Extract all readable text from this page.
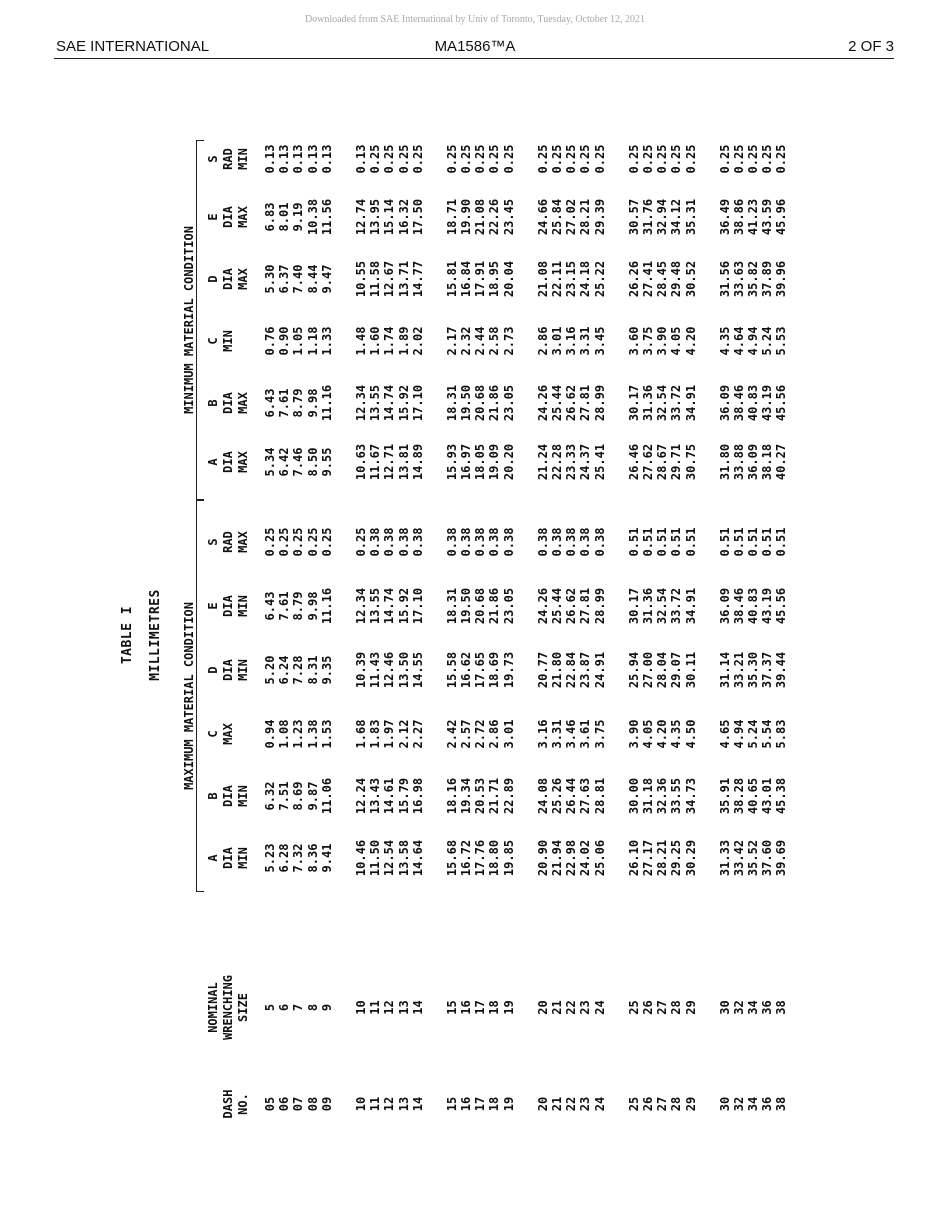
Downloaded from SAE International by Univ of Toronto, Tuesday, October 12, 2021
SAE INTERNATIONAL	MA1586™A	2 OF 3
TABLE I MILLIMETRES MAXIMUM MATERIAL CONDITION
MINIMUM MATERIAL CONDITION
DASH NO. 05 06 07 08 09 10 11 12 13 14 15 16 17 18 19 20 21 22 23 24 25 26 27 28 29 30 32 34 36 38
NOMINAL WRENCHING SIZE 5 6 7 8 9 10 11 12 13 14 15 16 17 18 19 20 21 22 23 24 25 26 27 28 29 30 32 34 36 38
A DIA MIN 5.23 6.28 7.32 8.36 9.41 10.46 11.50 12.54 13.58 14.64 15.68 16.72 17.76 18.80 19.85 20.90 21.94 22.98 24.02 25.06 26.10 27.17 28.21 29.25 30.29 31.33 33.42 35.52 37.60 39.69
B DIA MIN 6.32 7.51 8.69 9.87 11.06 12.24 13.43 14.61 15.79 16.98 18.16 19.34 20.53 21.71 22.89 24.08 25.26 26.44 27.63 28.81 30.00 31.18 32.36 33.55 34.73 35.91 38.28 40.65 43.01 45.38
C MAX 0.94 1.08 1.23 1.38 1.53 1.68 1.83 1.97 2.12 2.27 2.42 2.57 2.72 2.86 3.01 3.16 3.31 3.46 3.61 3.75 3.90 4.05 4.20 4.35 4.50 4.65 4.94 5.24 5.54 5.83
D DIA MIN 5.20 6.24 7.28 8.31 9.35 10.39 11.43 12.46 13.50 14.55 15.58 16.62 17.65 18.69 19.73 20.77 21.80 22.84 23.87 24.91 25.94 27.00 28.04 29.07 30.11 31.14 33.21 35.30 37.37 39.44
E DIA MIN 6.43 7.61 8.79 9.98 11.16 12.34 13.55 14.74 15.92 17.10 18.31 19.50 20.68 21.86 23.05 24.26 25.44 26.62 27.81 28.99 30.17 31.36 32.54 33.72 34.91 36.09 38.46 40.83 43.19 45.56
S RAD MAX 0.25 0.25 0.25 0.25 0.25 0.25 0.38 0.38 0.38 0.38 0.38 0.38 0.38 0.38 0.38 0.38 0.38 0.38 0.38 0.38 0.51 0.51 0.51 0.51 0.51 0.51 0.51 0.51 0.51 0.51
A DIA MAX 5.34 6.42 7.46 8.50 9.55 10.63 11.67 12.71 13.81 14.89 15.93 16.97 18.05 19.09 20.20 21.24 22.28 23.33 24.37 25.41 26.46 27.62 28.67 29.71 30.75 31.80 33.88 36.09 38.18 40.27
B DIA MAX 6.43 7.61 8.79 9.98 11.16 12.34 13.55 14.74 15.92 17.10 18.31 19.50 20.68 21.86 23.05 24.26 25.44 26.62 27.81 28.99 30.17 31.36 32.54 33.72 34.91 36.09 38.46 40.83 43.19 45.56
C MIN 0.76 0.90 1.05 1.18 1.33 1.48 1.60 1.74 1.89 2.02 2.17 2.32 2.44 2.58 2.73 2.86 3.01 3.16 3.31 3.45 3.60 3.75 3.90 4.05 4.20 4.35 4.64 4.94 5.24 5.53
D DIA MAX 5.30 6.37 7.40 8.44 9.47 10.55 11.58 12.67 13.71 14.77 15.81 16.84 17.91 18.95 20.04 21.08 22.11 23.15 24.18 25.22 26.26 27.41 28.45 29.48 30.52 31.56 33.63 35.82 37.89 39.96
E DIA MAX 6.83 8.01 9.19 10.38 11.56 12.74 13.95 15.14 16.32 17.50 18.71 19.90 21.08 22.26 23.45 24.66 25.84 27.02 28.21 29.39 30.57 31.76 32.94 34.12 35.31 36.49 38.86 41.23 43.59 45.96
S RAD MIN 0.13 0.13 0.13 0.13 0.13 0.13 0.25 0.25 0.25 0.25 0.25 0.25 0.25 0.25 0.25 0.25 0.25 0.25 0.25 0.25 0.25 0.25 0.25 0.25 0.25 0.25 0.25 0.25 0.25 0.25
